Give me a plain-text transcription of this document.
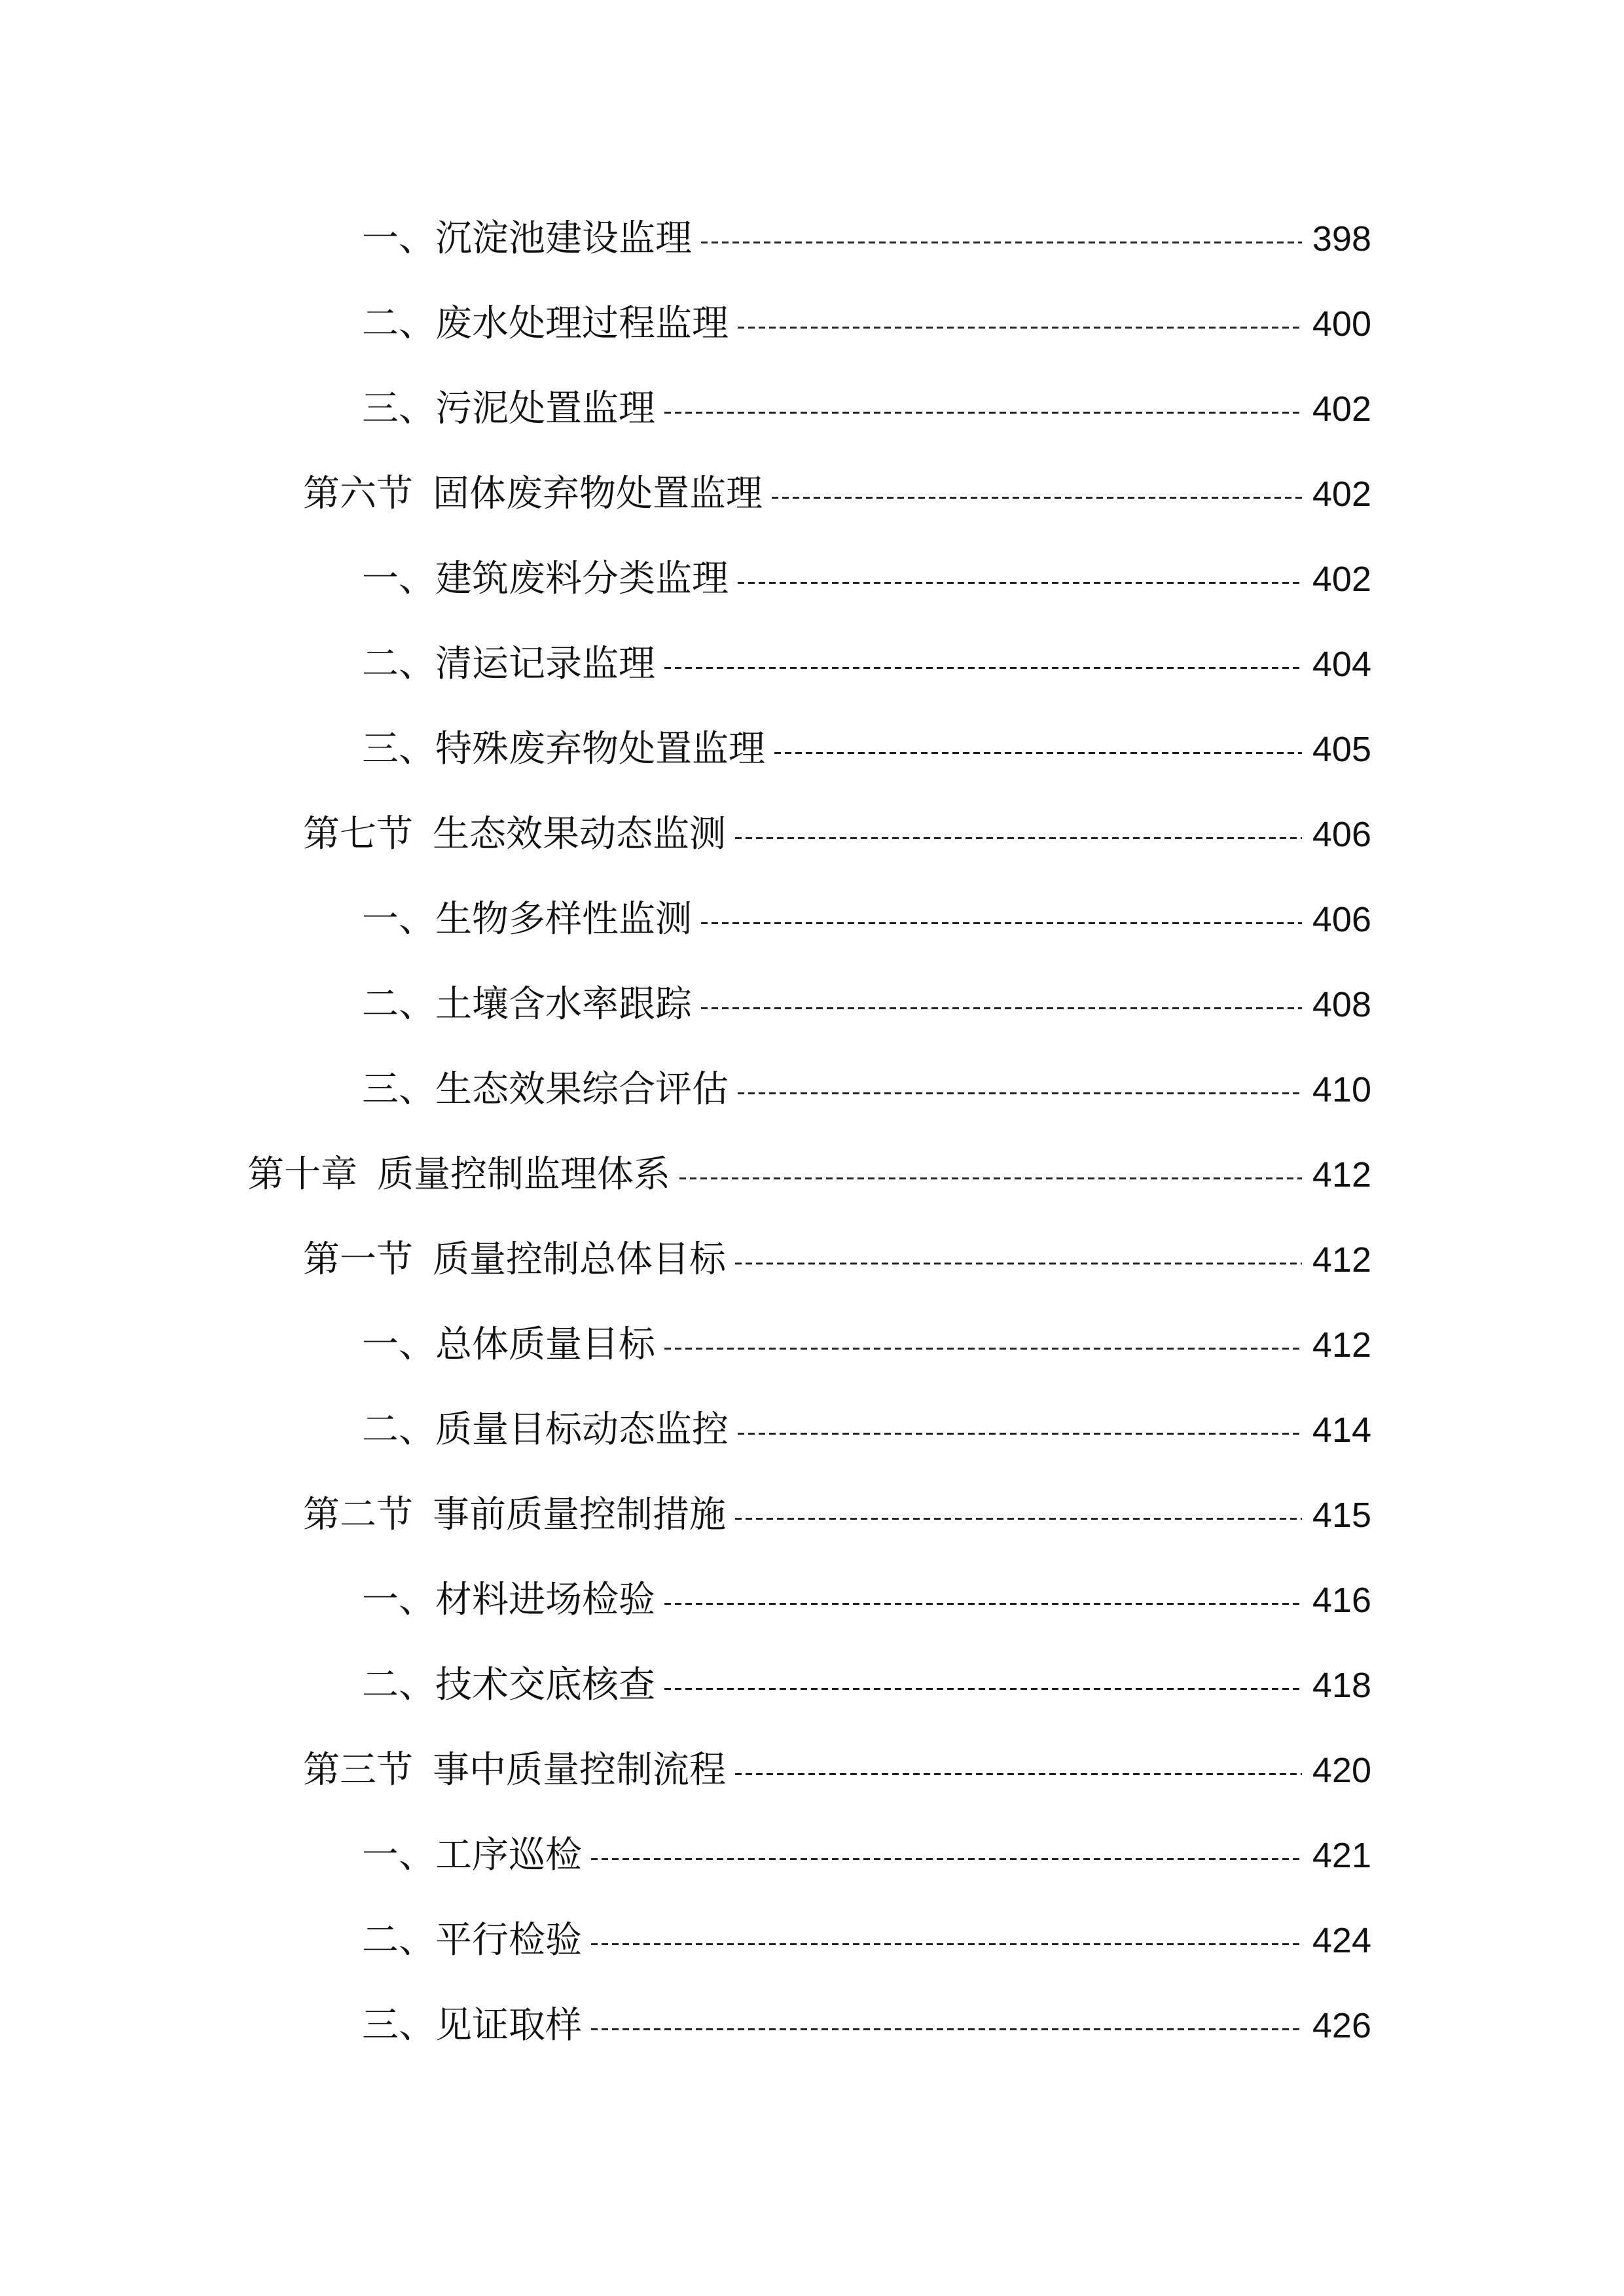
一、 沉淀池建设监理	398
二、 废水处理过程监理	400
三、 污泥处置监理	402
第六节 固体废弃物处置监理	402
一、 建筑废料分类监理	402
二、 清运记录监理	404
三、 特殊废弃物处置监理	405
第七节 生态效果动态监测	406
一、 生物多样性监测	406
二、 土壤含水率跟踪	408
三、 生态效果综合评估	410
第十章 质量控制监理体系	412
第一节 质量控制总体目标	412
一、 总体质量目标	412
二、 质量目标动态监控	414
第二节 事前质量控制措施	415
一、 材料进场检验	416
二、 技术交底核查	418
第三节 事中质量控制流程	420
一、 工序巡检	421
二、 平行检验	424
三、 见证取样	426
